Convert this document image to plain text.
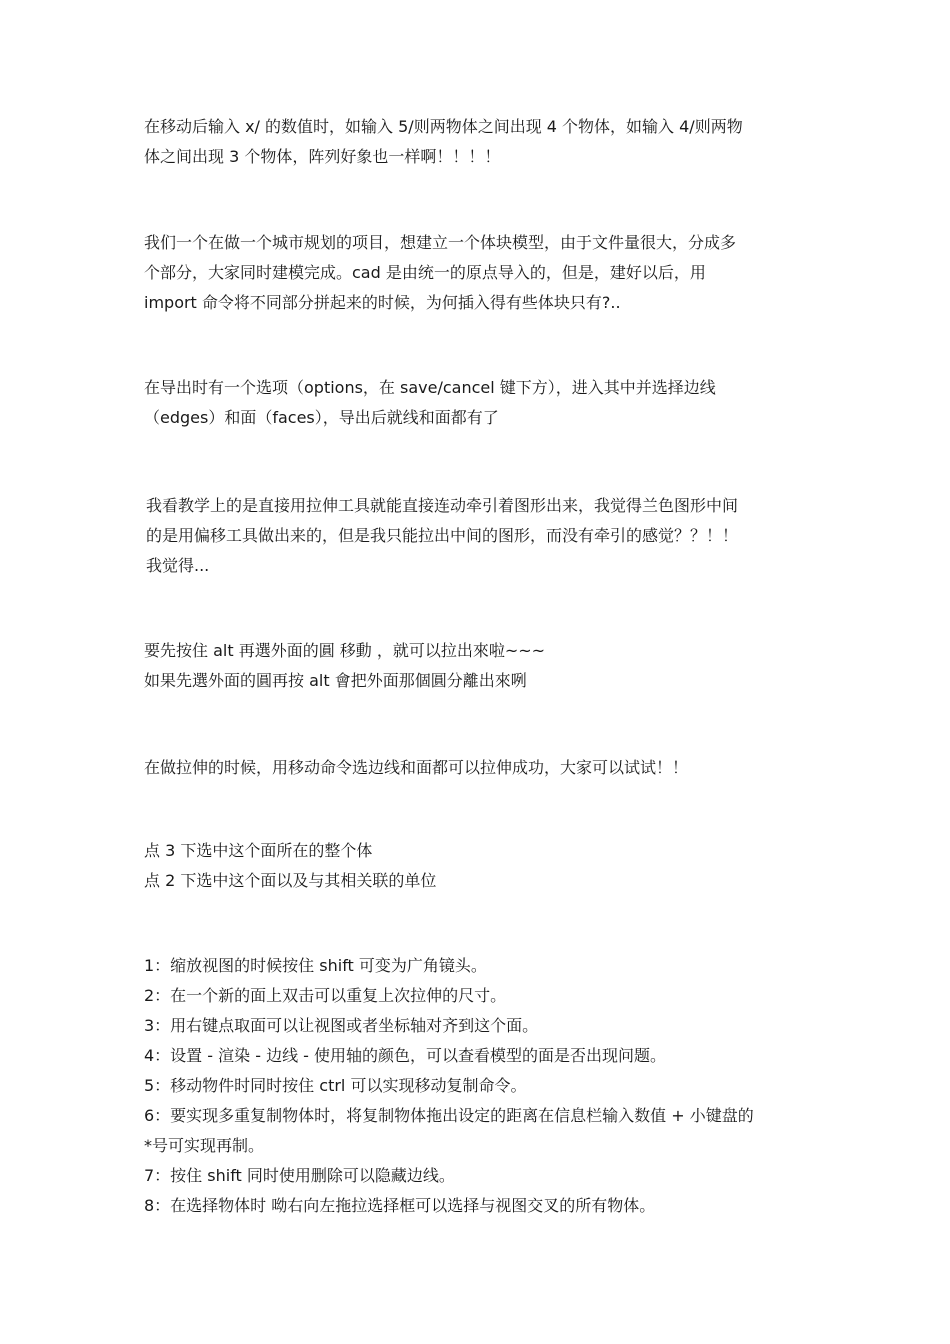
在移动后输入 x/ 的数值时，如输入 5/则两物体之间出现 4 个物体，如输入 4/则两物
体之间出现 3 个物体，阵列好象也一样啊！！！！
我们一个在做一个城市规划的项目，想建立一个体块模型，由于文件量很大，分成多
个部分，大家同时建模完成。cad 是由统一的原点导入的，但是，建好以后，用
import 命令将不同部分拼起来的时候，为何插入得有些体块只有?..
在导出时有一个选项（options，在 save/cancel 键下方），进入其中并选择边线
（edges）和面（faces），导出后就线和面都有了
我看教学上的是直接用拉伸工具就能直接连动牵引着图形出来，我觉得兰色图形中间
的是用偏移工具做出来的，但是我只能拉出中间的图形，而没有牵引的感觉？？！！
我觉得...
要先按住 alt 再選外面的圓 移動 ，就可以拉出來啦~~~
如果先選外面的圓再按 alt 會把外面那個圓分離出來咧
在做拉伸的时候，用移动命令选边线和面都可以拉伸成功，大家可以试试！！
点 3 下选中这个面所在的整个体
点 2 下选中这个面以及与其相关联的单位
1：缩放视图的时候按住 shift 可变为广角镜头。
2：在一个新的面上双击可以重复上次拉伸的尺寸。
3：用右键点取面可以让视图或者坐标轴对齐到这个面。
4：设置 - 渲染 - 边线 - 使用轴的颜色，可以查看模型的面是否出现问题。
5：移动物件时同时按住 ctrl 可以实现移动复制命令。
6：要实现多重复制物体时，将复制物体拖出设定的距离在信息栏输入数值 + 小键盘的
*号可实现再制。
7：按住 shift 同时使用删除可以隐藏边线。
8：在选择物体时 呦右向左拖拉选择框可以选择与视图交叉的所有物体。
